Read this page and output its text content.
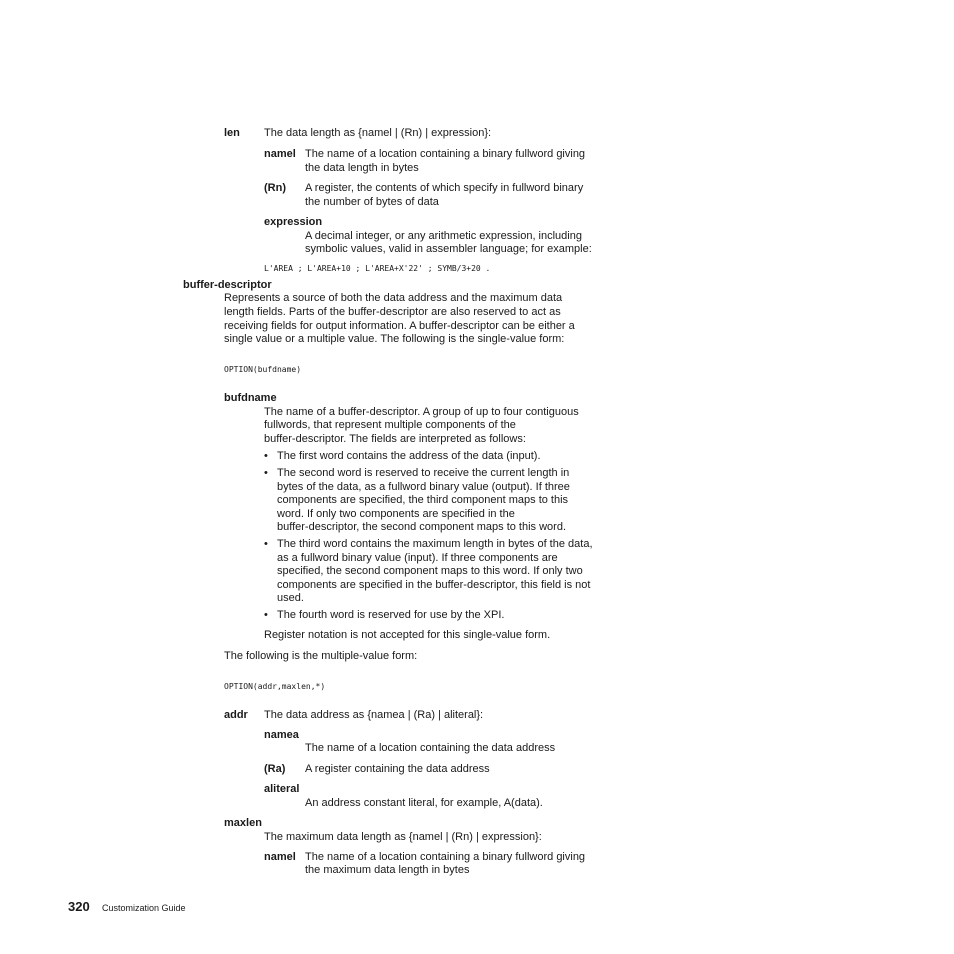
len The data length as {namel | (Rn) | expression}:
namel The name of a location containing a binary fullword giving
the data length in bytes
(Rn) A register, the contents of which specify in fullword binary
the number of bytes of data
expression
A decimal integer, or any arithmetic expression, including
symbolic values, valid in assembler language; for example:
L'AREA ; L'AREA+10 ; L'AREA+X'22' ; SYMB/3+20 .
buffer-descriptor
Represents a source of both the data address and the maximum data
length fields. Parts of the buffer-descriptor are also reserved to act as
receiving fields for output information. A buffer-descriptor can be either a
single value or a multiple value. The following is the single-value form:
OPTION(bufdname)
bufdname
The name of a buffer-descriptor. A group of up to four contiguous
fullwords, that represent multiple components of the
buffer-descriptor. The fields are interpreted as follows:
• The first word contains the address of the data (input).
• The second word is reserved to receive the current length in
bytes of the data, as a fullword binary value (output). If three
components are specified, the third component maps to this
word. If only two components are specified in the
buffer-descriptor, the second component maps to this word.
• The third word contains the maximum length in bytes of the data,
as a fullword binary value (input). If three components are
specified, the second component maps to this word. If only two
components are specified in the buffer-descriptor, this field is not
used.
• The fourth word is reserved for use by the XPI.
Register notation is not accepted for this single-value form.
The following is the multiple-value form:
OPTION(addr,maxlen,*)
addr The data address as {namea | (Ra) | aliteral}:
namea
The name of a location containing the data address
(Ra) A register containing the data address
aliteral
An address constant literal, for example, A(data).
maxlen
The maximum data length as {namel | (Rn) | expression}:
namel The name of a location containing a binary fullword giving
the maximum data length in bytes
320 Customization Guide
